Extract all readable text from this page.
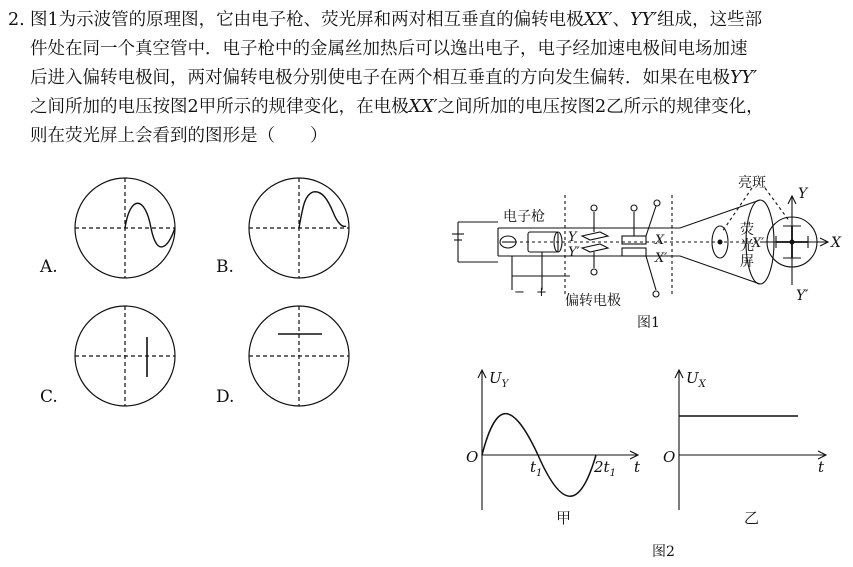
2. 图1为示波管的原理图，它由电子枪、荧光屏和两对相互垂直的偏转电极XX′、YY′组成，这些部
件处在同一个真空管中．电子枪中的金属丝加热后可以逸出电子，电子经加速电极间电场加速
后进入偏转电极间，两对偏转电极分别使电子在两个相互垂直的方向发生偏转．如果在电极YY′
之间所加的电压按图2甲所示的规律变化，在电极XX′之间所加的电压按图2乙所示的规律变化，
则在荧光屏上会看到的图形是（　　）
A.	B.
C.	D.
电子枪
偏转电极
亮斑
荧
光
屏
− +
Y
Y′
X
X′
Y
Y′
X
X′
图1
$U_Y$
O
t
$t_1$	$2t_1$
甲
$U_X$
O
t
乙
图2
